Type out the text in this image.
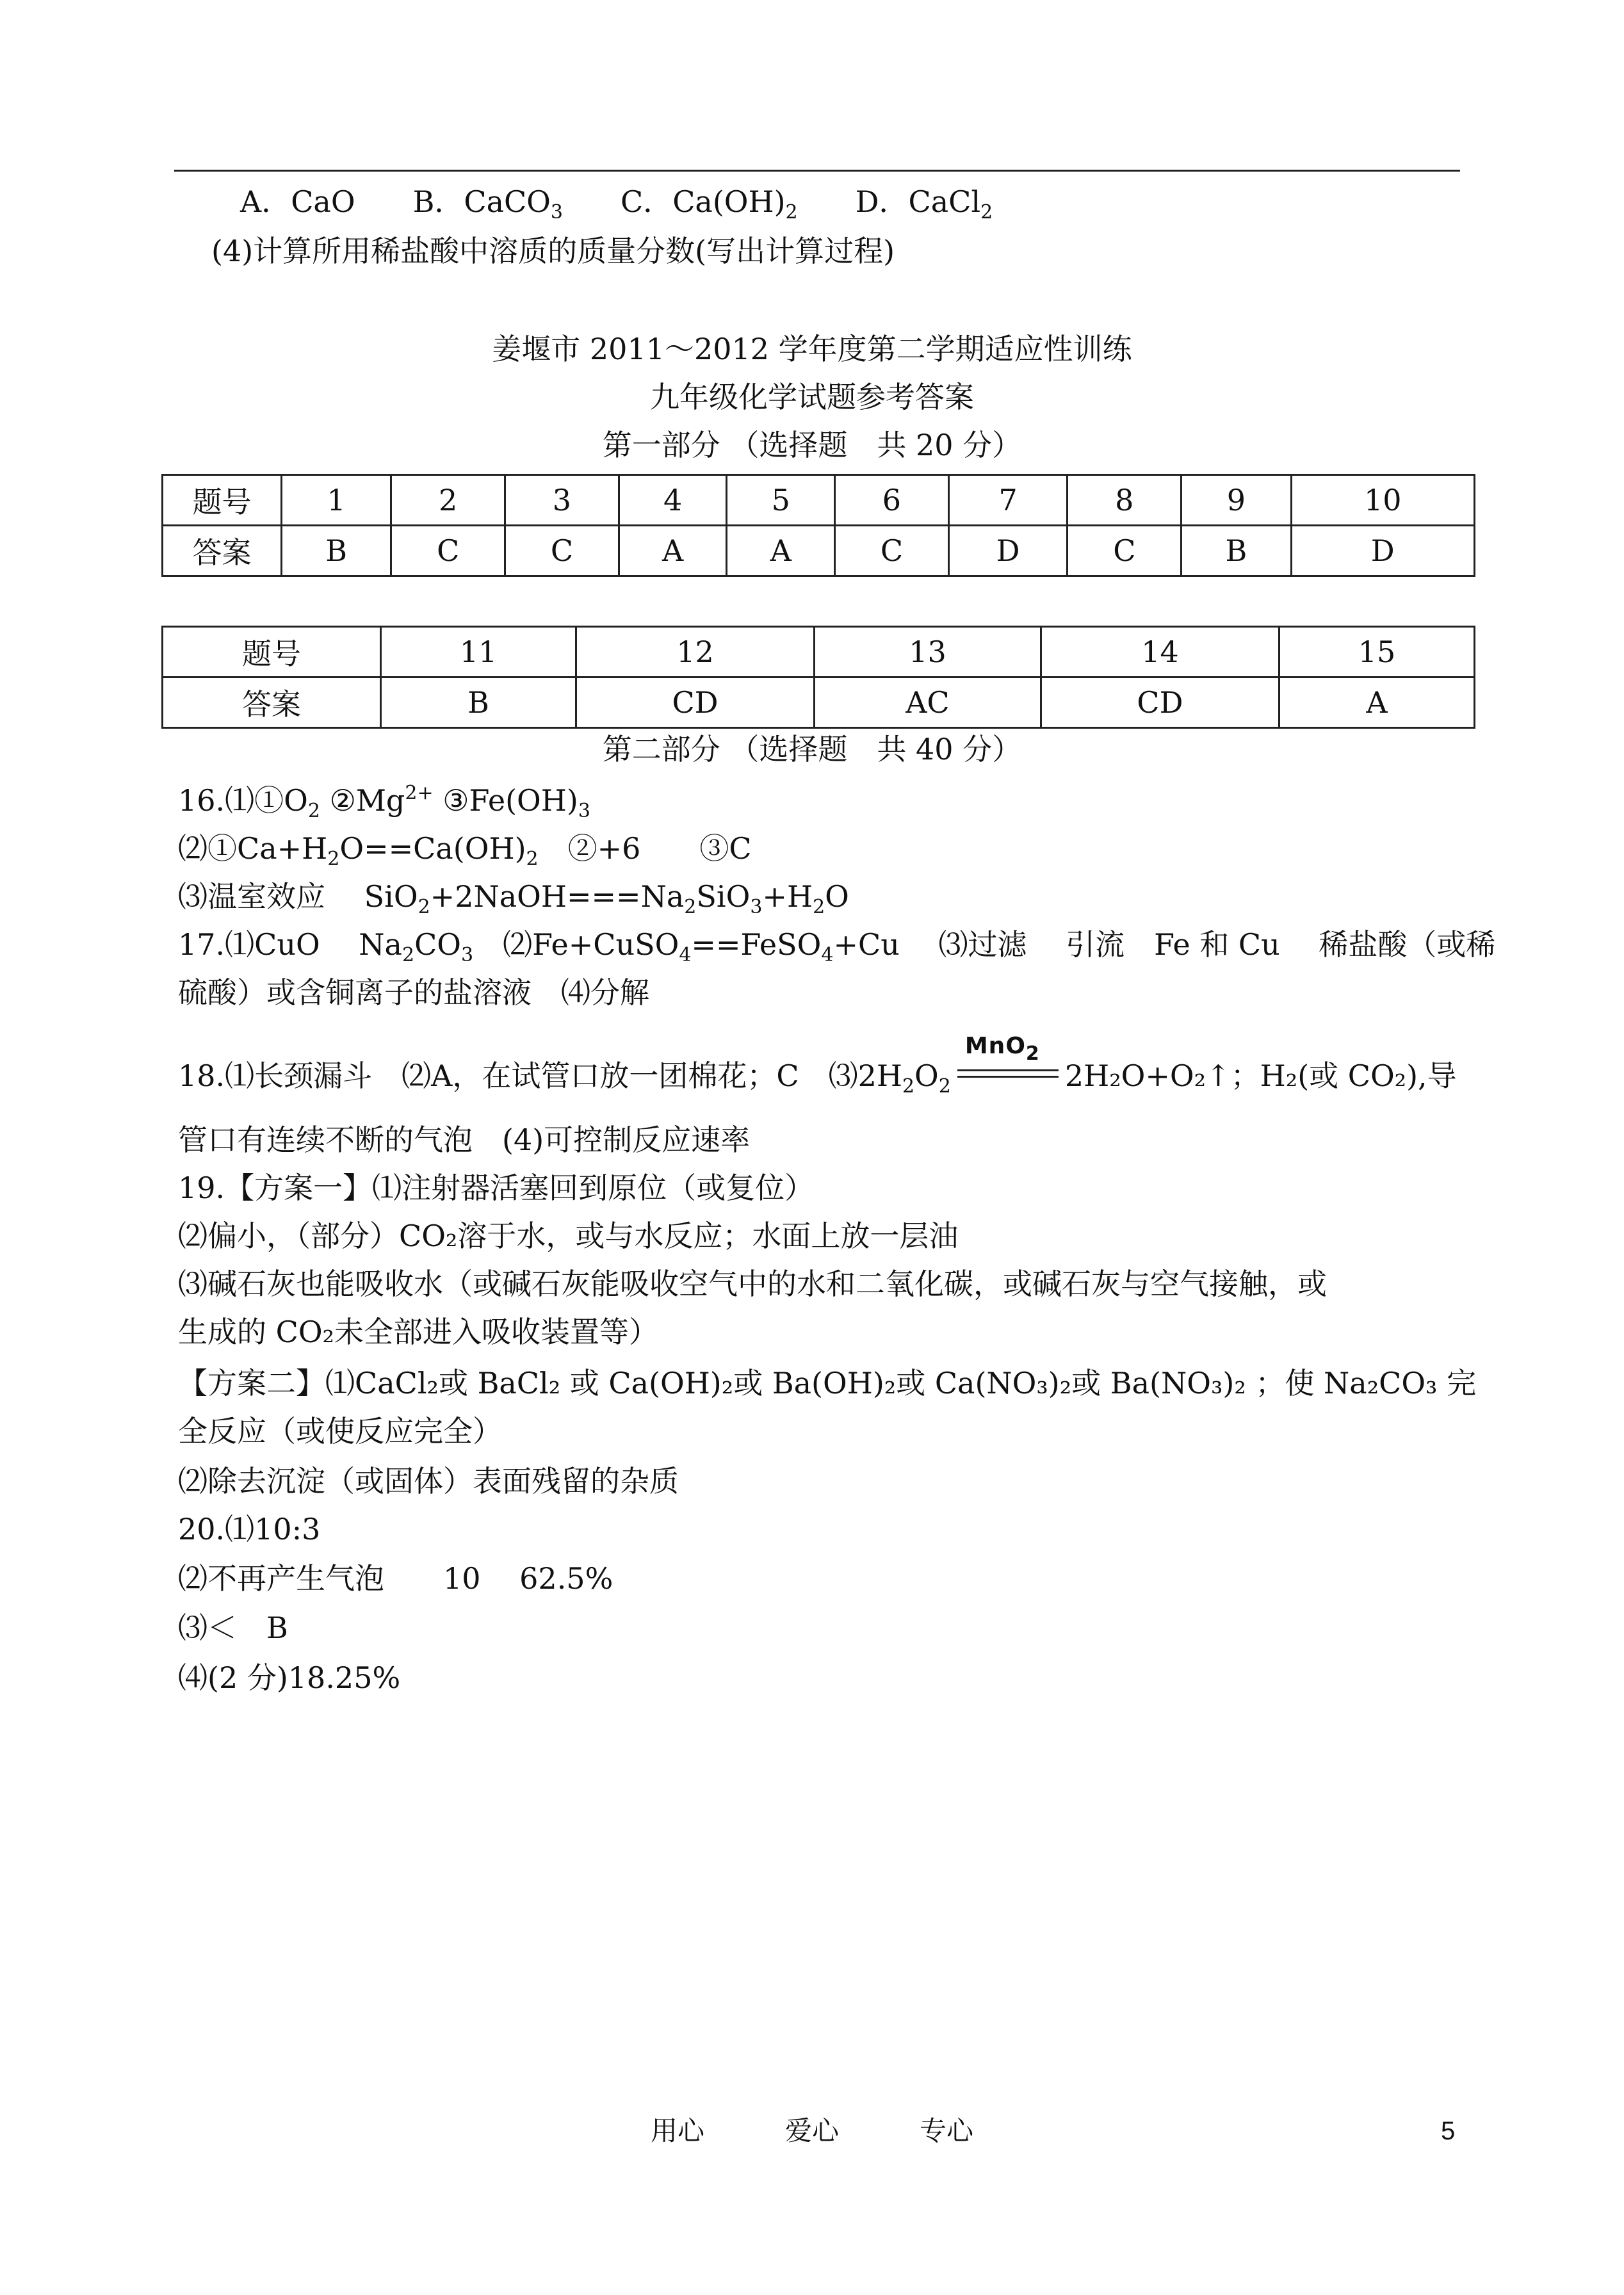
A．CaO B．CaCO$_3$ C．$Ca(OH)_2$ D．CaCl$_2$
(4)计算所用稀盐酸中溶质的质量分数(写出计算过程)
姜堰市 2011～2012 学年度第二学期适应性训练
九年级化学试题参考答案
第一部分 （选择题　共 20 分）
题号	1	2	3	4	5	6	7	8	9	10
答案	B	C	C	A	A	C	D	C	B	D
题号	11	12	13	14	15
答案	B	CD	AC	CD	A
第二部分 （选择题　共 40 分）
$16.⑴①O_2$ $②Mg^{2+}$ $③Fe(OH)_3$
$⑵①Ca+H_2O==Ca(OH)_2$　②+6　　③C
⑶温室效应　 $SiO_2+2NaOH===Na_2SiO_3+H_2O$
17.⑴CuO　 $Na_2CO_3$　⑵Fe+CuSO$_4$==FeSO$_4$+Cu　 ⑶过滤　 引流　Fe 和 Cu　 稀盐酸（或稀
硫酸）或含铜离子的盐溶液　⑷分解
18.⑴长颈漏斗　⑵A，在试管口放一团棉花；C　$⑶2H_2O_2$
MnO$_2$
2H₂O+O₂↑；H₂(或 CO₂),导
管口有连续不断的气泡　(4)可控制反应速率
19.【方案一】⑴注射器活塞回到原位（或复位）
⑵偏小，（部分）CO₂溶于水，或与水反应；水面上放一层油
⑶碱石灰也能吸收水（或碱石灰能吸收空气中的水和二氧化碳，或碱石灰与空气接触，或
生成的 CO₂未全部进入吸收装置等）
【方案二】⑴CaCl₂或 BaCl₂ 或 Ca(OH)₂或 Ba(OH)₂或 Ca(NO₃)₂或 Ba(NO₃)₂ ；使 Na₂CO₃ 完
全反应（或使反应完全）
⑵除去沉淀（或固体）表面残留的杂质
20.⑴10:3
⑵不再产生气泡　　10　 62.5%
⑶＜　B
⑷(2 分)18.25%
用心　　　爱心　　　专心	5
